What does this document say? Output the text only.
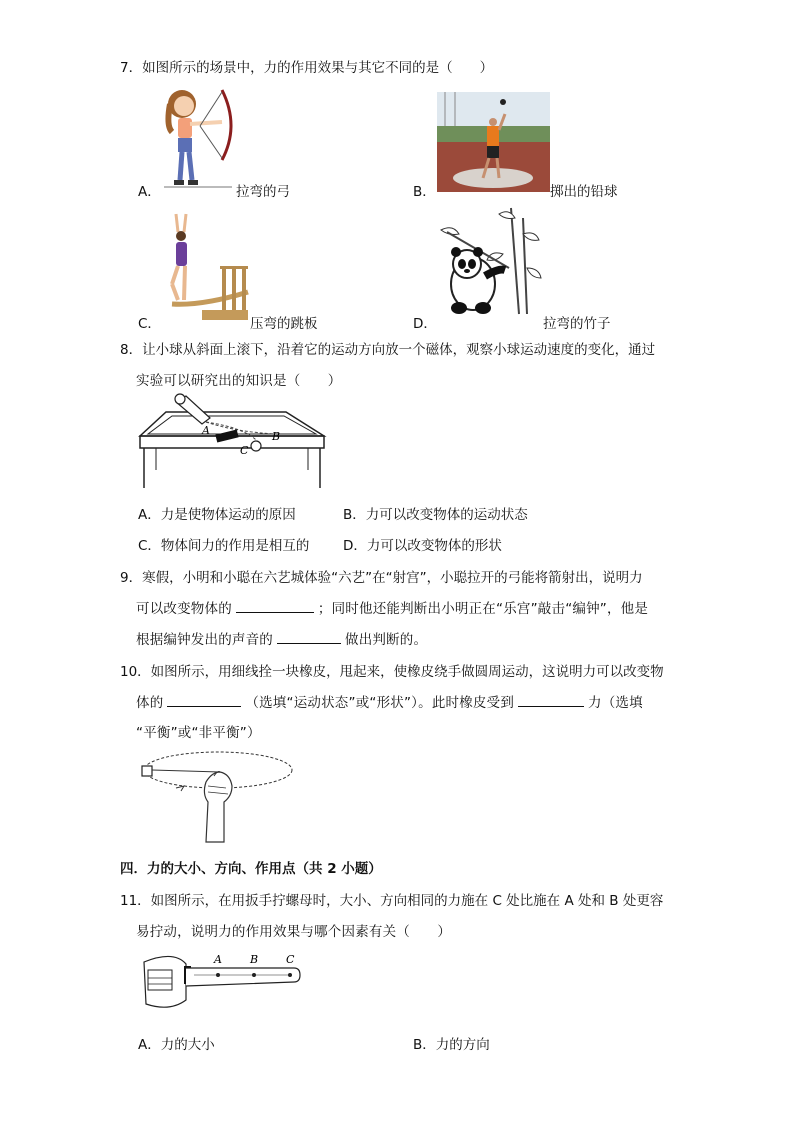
7．如图所示的场景中，力的作用效果与其它不同的是（　　）
A．	拉弯的弓	B．	掷出的铅球
C．	压弯的跳板	D．	拉弯的竹子
8．让小球从斜面上滚下，沿着它的运动方向放一个磁体，观察小球运动速度的变化，通过
实验可以研究出的知识是（　　）
A	B
C
A．力是使物体运动的原因	B．力可以改变物体的运动状态
C．物体间力的作用是相互的 D．力可以改变物体的形状
9．寒假，小明和小聪在六艺城体验“六艺”在“射宫”，小聪拉开的弓能将箭射出，说明力
可以改变物体的	；同时他还能判断出小明正在“乐宫”敲击“编钟”，他是
根据编钟发出的声音的	做出判断的。
10．如图所示，用细线拴一块橡皮，甩起来，使橡皮绕手做圆周运动，这说明力可以改变物
体的	（选填“运动状态”或“形状”）。此时橡皮受到	力（选填
“平衡”或“非平衡”）
四．力的大小、方向、作用点（共 2 小题）
11．如图所示，在用扳手拧螺母时，大小、方向相同的力施在 C 处比施在 A 处和 B 处更容
易拧动，说明力的作用效果与哪个因素有关（　　）
A	B	C
A．力的大小	B．力的方向
